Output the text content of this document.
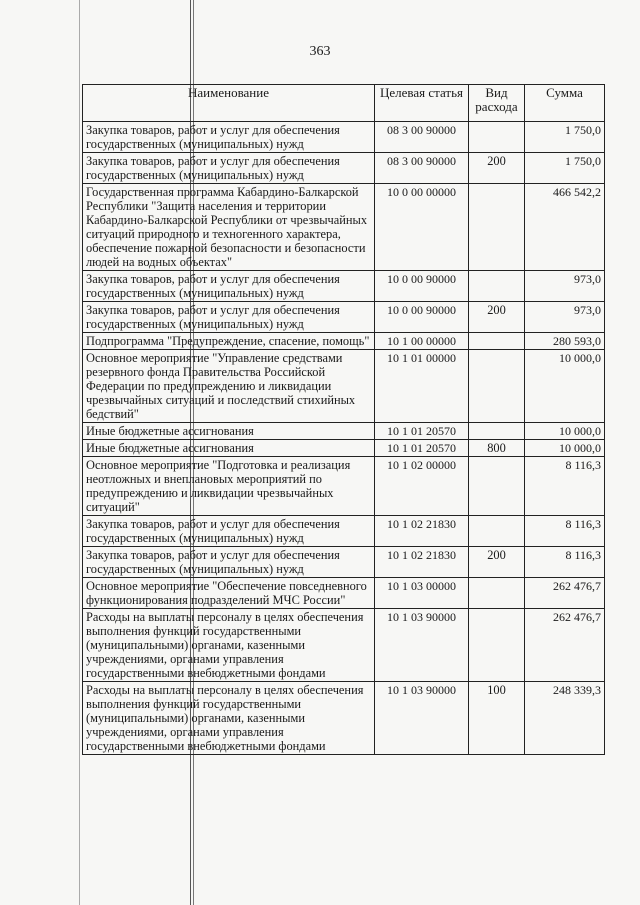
363
Наименование	Целевая статья	Вид расхода	Сумма
Закупка товаров, работ и услуг для обеспечения государственных (муниципальных) нужд	08 3 00 90000		1 750,0
Закупка товаров, работ и услуг для обеспечения государственных (муниципальных) нужд	08 3 00 90000	200	1 750,0
Государственная программа Кабардино-Балкарской Республики "Защита населения и территории Кабардино-Балкарской Республики от чрезвычайных ситуаций природного и техногенного характера, обеспечение пожарной безопасности и безопасности людей на водных объектах"	10 0 00 00000		466 542,2
Закупка товаров, работ и услуг для обеспечения государственных (муниципальных) нужд	10 0 00 90000		973,0
Закупка товаров, работ и услуг для обеспечения государственных (муниципальных) нужд	10 0 00 90000	200	973,0
Подпрограмма "Предупреждение, спасение, помощь"	10 1 00 00000		280 593,0
Основное мероприятие "Управление средствами резервного фонда Правительства Российской Федерации по предупреждению и ликвидации чрезвычайных ситуаций и последствий стихийных бедствий"	10 1 01 00000		10 000,0
Иные бюджетные ассигнования	10 1 01 20570		10 000,0
Иные бюджетные ассигнования	10 1 01 20570	800	10 000,0
Основное мероприятие "Подготовка и реализация неотложных и внеплановых мероприятий по предупреждению и ликвидации чрезвычайных ситуаций"	10 1 02 00000		8 116,3
Закупка товаров, работ и услуг для обеспечения государственных (муниципальных) нужд	10 1 02 21830		8 116,3
Закупка товаров, работ и услуг для обеспечения государственных (муниципальных) нужд	10 1 02 21830	200	8 116,3
Основное мероприятие "Обеспечение повседневного функционирования подразделений МЧС России"	10 1 03 00000		262 476,7
Расходы на выплаты персоналу в целях обеспечения выполнения функций государственными (муниципальными) органами, казенными учреждениями, органами управления государственными внебюджетными фондами	10 1 03 90000		262 476,7
Расходы на выплаты персоналу в целях обеспечения выполнения функций государственными (муниципальными) органами, казенными учреждениями, органами управления государственными внебюджетными фондами	10 1 03 90000	100	248 339,3
